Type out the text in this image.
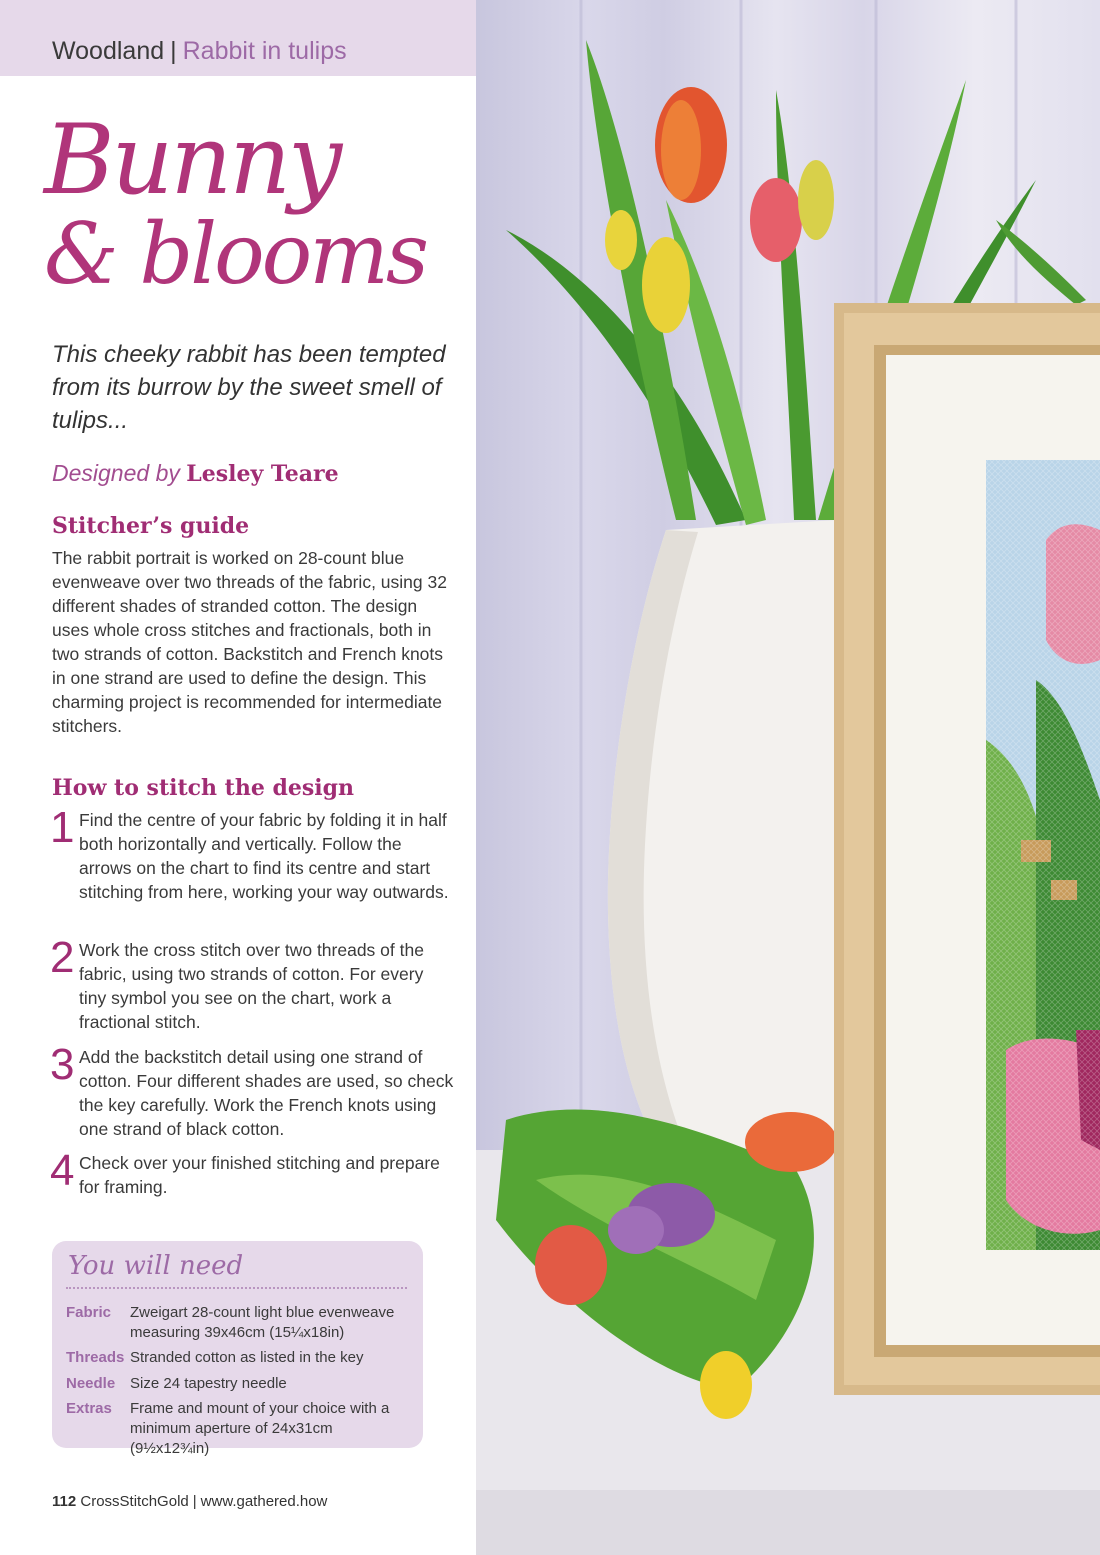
Woodland | Rabbit in tulips
Bunny
& blooms

This cheeky rabbit has been tempted from its burrow by the sweet smell of tulips...

Designed by Lesley Teare
Stitcher’s guide

The rabbit portrait is worked on 28-count blue evenweave over two threads of the fabric, using 32 different shades of stranded cotton. The design uses whole cross stitches and fractionals, both in two strands of cotton. Backstitch and French knots in one strand are used to define the design. This charming project is recommended for intermediate stitchers.

How to stitch the design
1 Find the centre of your fabric by folding it in half both horizontally and vertically. Follow the arrows on the chart to find its centre and start stitching from here, working your way outwards.

2 Work the cross stitch over two threads of the fabric, using two strands of cotton. For every tiny symbol you see on the chart, work a fractional stitch.

3 Add the backstitch detail using one strand of cotton. Four different shades are used, so check the key carefully. Work the French knots using one strand of black cotton.

4 Check over your finished stitching and prepare for framing.

You will need
Fabric Zweigart 28-count light blue evenweave measuring 39x46cm (15¼x18in)
Threads Stranded cotton as listed in the key
Needle Size 24 tapestry needle
Extras Frame and mount of your choice with a minimum aperture of 24x31cm (9½x12¾in)
112 CrossStitchGold | www.gathered.how
